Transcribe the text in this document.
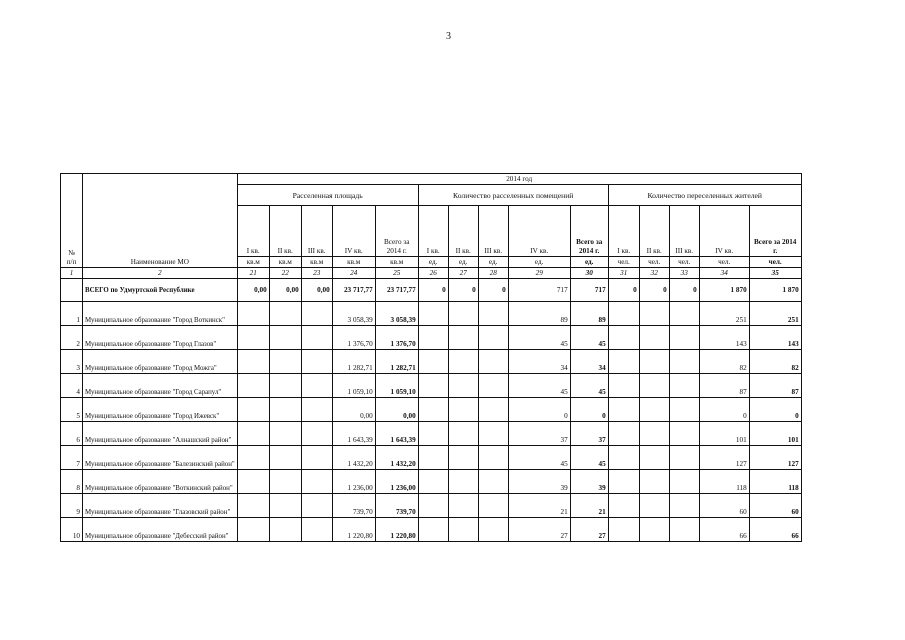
3
№
п/п	Наименование МО	2014 год														
		Расселенная площадь					Количество расселенных помещений					Количество переселенных жителей				
		I кв.	II кв.	III кв.	IV кв.	Всего за 2014 г.	I кв.	II кв.	III кв.	IV кв.	Всего за 2014 г.	I кв.	II кв.	III кв.	IV кв.	Всего за 2014 г.
		кв.м	кв.м	кв.м	кв.м	кв.м	ед.	ед.	ед.	ед.	ед.	чел.	чел.	чел.	чел.	чел.
1	2	21	22	23	24	25	26	27	28	29	30	31	32	33	34	35
	ВСЕГО по Удмуртской Республике	0,00	0,00	0,00	23 717,77	23 717,77	0	0	0	717	717	0	0	0	1 870	1 870
1	Муниципальное образование "Город Воткинск"				3 058,39	3 058,39				89	89				251	251
2	Муниципальное образование "Город Глазов"				1 376,70	1 376,70				45	45				143	143
3	Муниципальное образование "Город Можга"				1 282,71	1 282,71				34	34				82	82
4	Муниципальное образование "Город Сарапул"				1 059,10	1 059,10				45	45				87	87
5	Муниципальное образование "Город Ижевск"				0,00	0,00				0	0				0	0
6	Муниципальное образование "Алнашский район"				1 643,39	1 643,39				37	37				101	101
7	Муниципальное образование "Балезинский район"				1 432,20	1 432,20				45	45				127	127
8	Муниципальное образование "Воткинский район"				1 236,00	1 236,00				39	39				118	118
9	Муниципальное образование "Глазовский район"				739,70	739,70				21	21				60	60
10	Муниципальное образование "Дебесский район"				1 220,80	1 220,80				27	27				66	66
